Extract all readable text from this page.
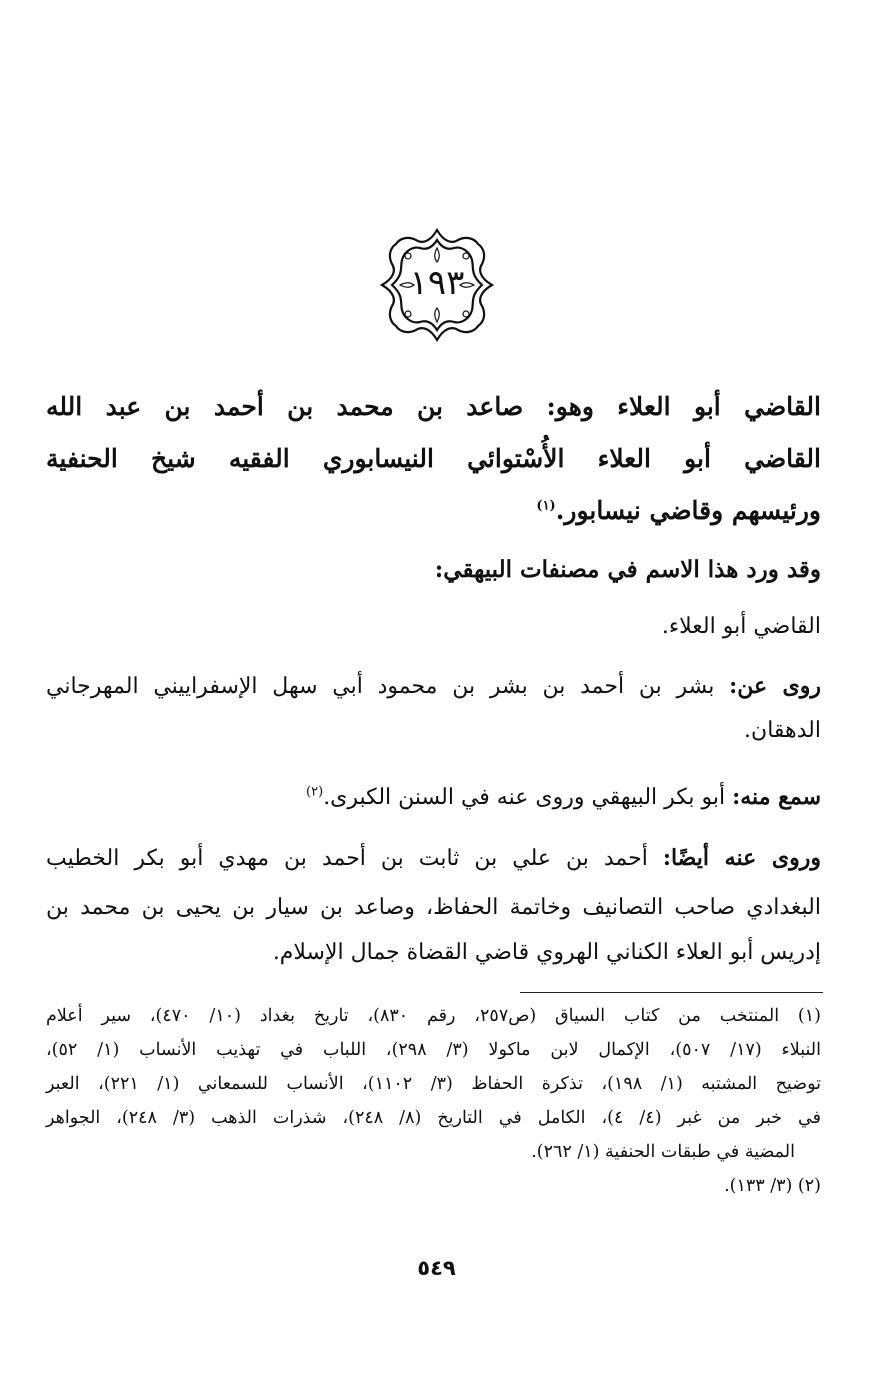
١٩٣
القاضي أبو العلاء وهو: صاعد بن محمد بن أحمد بن عبد الله
القاضي أبو العلاء الأُسْتوائي النيسابوري الفقيه شيخ الحنفية
ورئيسهم وقاضي نيسابور.$^{(١)}$
وقد ورد هذا الاسم في مصنفات البيهقي:
القاضي أبو العلاء.
روى عن: بشر بن أحمد بن بشر بن محمود أبي سهل الإسفراييني المهرجاني
الدهقان.
سمع منه: أبو بكر البيهقي وروى عنه في السنن الكبرى.$^{(٢)}$
وروى عنه أيضًا: أحمد بن علي بن ثابت بن أحمد بن مهدي أبو بكر الخطيب
البغدادي صاحب التصانيف وخاتمة الحفاظ، وصاعد بن سيار بن يحيى بن محمد بن
إدريس أبو العلاء الكناني الهروي قاضي القضاة جمال الإسلام.
(١) المنتخب من كتاب السياق (ص٢٥٧، رقم ٨٣٠)، تاريخ بغداد (١٠/ ٤٧٠)، سير أعلام
النبلاء (١٧/ ٥٠٧)، الإكمال لابن ماكولا (٣/ ٢٩٨)، اللباب في تهذيب الأنساب (١/ ٥٢)،
توضيح المشتبه (١/ ١٩٨)، تذكرة الحفاظ (٣/ ١١٠٢)، الأنساب للسمعاني (١/ ٢٢١)، العبر
في خبر من غبر (٤/ ٤)، الكامل في التاريخ (٨/ ٢٤٨)، شذرات الذهب (٣/ ٢٤٨)، الجواهر
المضية في طبقات الحنفية (١/ ٢٦٢).
(٢) (٣/ ١٣٣).
٥٤٩
